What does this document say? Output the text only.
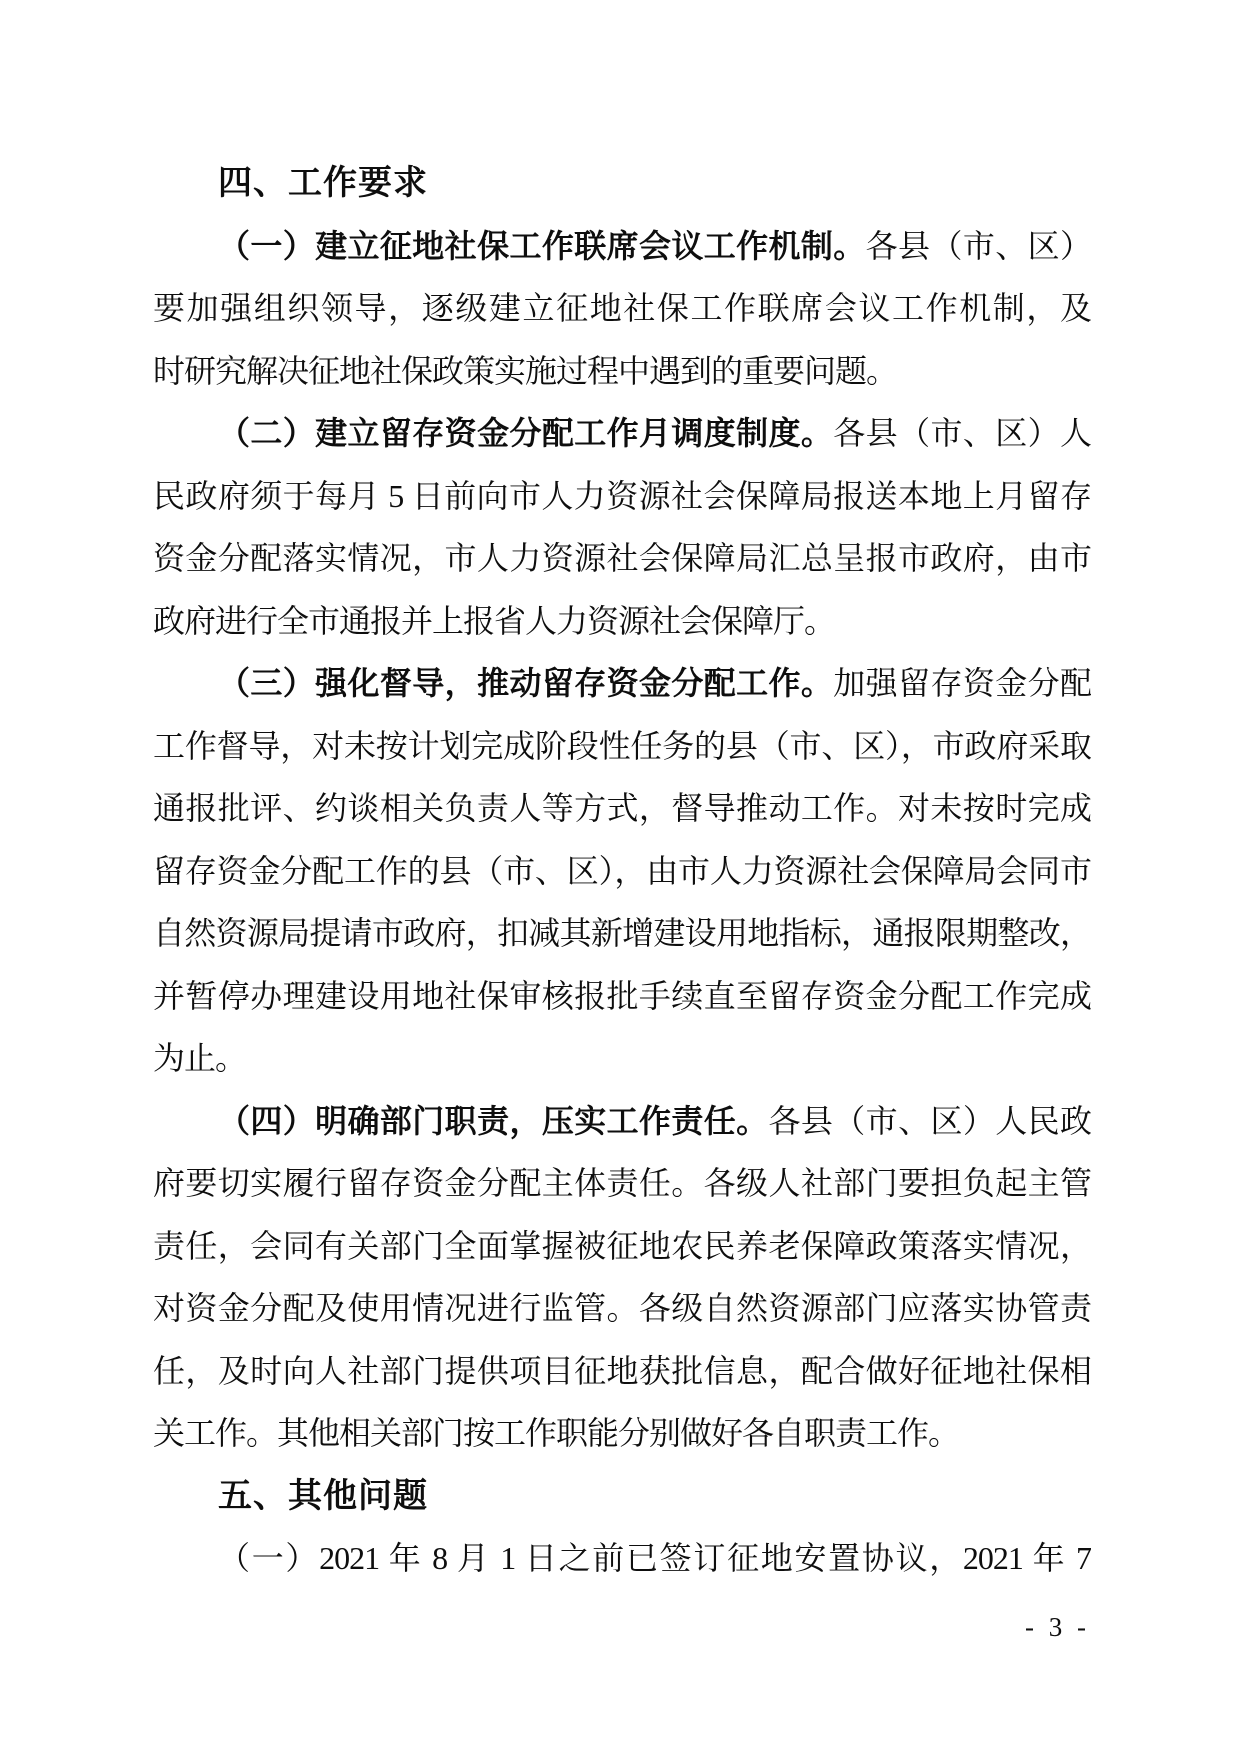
四、工作要求
（一）建立征地社保工作联席会议工作机制。各县（市、区）
要加强组织领导，逐级建立征地社保工作联席会议工作机制，及
时研究解决征地社保政策实施过程中遇到的重要问题。
（二）建立留存资金分配工作月调度制度。各县（市、区）人
民政府须于每月 5 日前向市人力资源社会保障局报送本地上月留存
资金分配落实情况，市人力资源社会保障局汇总呈报市政府，由市
政府进行全市通报并上报省人力资源社会保障厅。
（三）强化督导，推动留存资金分配工作。加强留存资金分配
工作督导，对未按计划完成阶段性任务的县（市、区），市政府采取
通报批评、约谈相关负责人等方式，督导推动工作。对未按时完成
留存资金分配工作的县（市、区），由市人力资源社会保障局会同市
自然资源局提请市政府，扣减其新增建设用地指标，通报限期整改，
并暂停办理建设用地社保审核报批手续直至留存资金分配工作完成
为止。
（四）明确部门职责，压实工作责任。各县（市、区）人民政
府要切实履行留存资金分配主体责任。各级人社部门要担负起主管
责任，会同有关部门全面掌握被征地农民养老保障政策落实情况，
对资金分配及使用情况进行监管。各级自然资源部门应落实协管责
任，及时向人社部门提供项目征地获批信息，配合做好征地社保相
关工作。其他相关部门按工作职能分别做好各自职责工作。
五、其他问题
（一）2021 年 8 月 1 日之前已签订征地安置协议，2021 年 7
- 3 -
